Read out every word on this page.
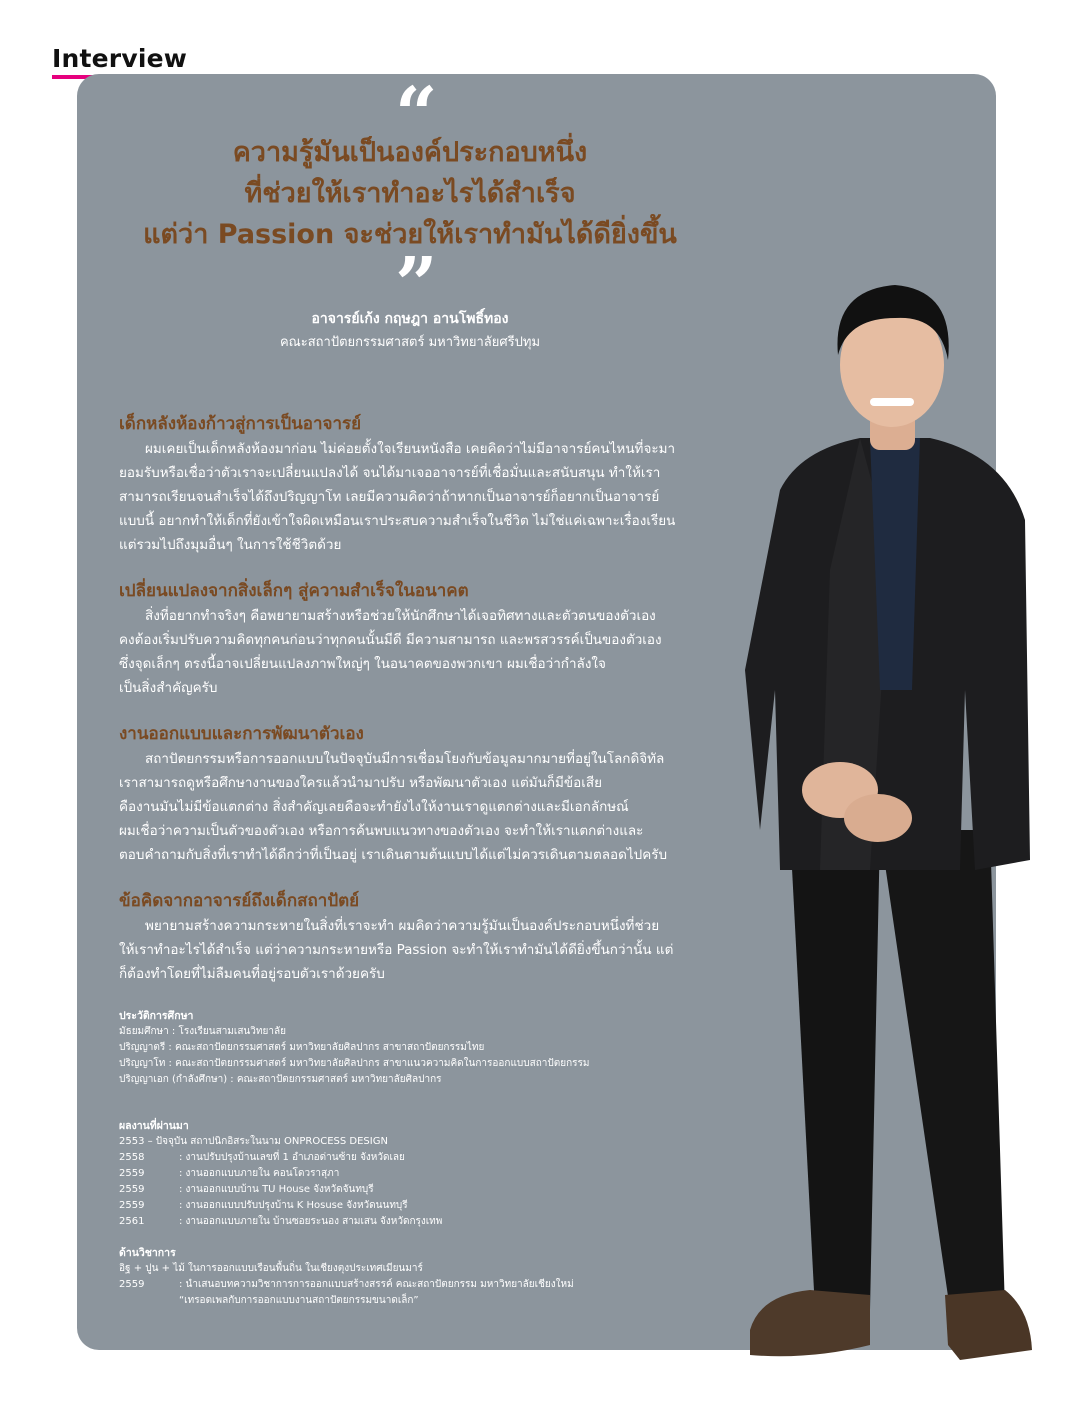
Interview
“
ความรู้มันเป็นองค์ประกอบหนึ่ง
ที่ช่วยให้เราทำอะไรได้สำเร็จ
แต่ว่า Passion จะช่วยให้เราทำมันได้ดียิ่งขึ้น
”
อาจารย์เก้ง กฤษฎา อานโพธิ์ทอง
คณะสถาปัตยกรรมศาสตร์ มหาวิทยาลัยศรีปทุม
เด็กหลังห้องก้าวสู่การเป็นอาจารย์
ผมเคยเป็นเด็กหลังห้องมาก่อน ไม่ค่อยตั้งใจเรียนหนังสือ เคยคิดว่าไม่มีอาจารย์คนไหนที่จะมา
ยอมรับหรือเชื่อว่าตัวเราจะเปลี่ยนแปลงได้ จนได้มาเจออาจารย์ที่เชื่อมั่นและสนับสนุน ทำให้เรา
สามารถเรียนจนสำเร็จได้ถึงปริญญาโท เลยมีความคิดว่าถ้าหากเป็นอาจารย์ก็อยากเป็นอาจารย์
แบบนี้ อยากทำให้เด็กที่ยังเข้าใจผิดเหมือนเราประสบความสำเร็จในชีวิต ไม่ใช่แค่เฉพาะเรื่องเรียน
แต่รวมไปถึงมุมอื่นๆ ในการใช้ชีวิตด้วย
เปลี่ยนแปลงจากสิ่งเล็กๆ สู่ความสำเร็จในอนาคต
สิ่งที่อยากทำจริงๆ คือพยายามสร้างหรือช่วยให้นักศึกษาได้เจอทิศทางและตัวตนของตัวเอง
คงต้องเริ่มปรับความคิดทุกคนก่อนว่าทุกคนนั้นมีดี มีความสามารถ และพรสวรรค์เป็นของตัวเอง
ซึ่งจุดเล็กๆ ตรงนี้อาจเปลี่ยนแปลงภาพใหญ่ๆ ในอนาคตของพวกเขา ผมเชื่อว่ากำลังใจ
เป็นสิ่งสำคัญครับ
งานออกแบบและการพัฒนาตัวเอง
สถาปัตยกรรมหรือการออกแบบในปัจจุบันมีการเชื่อมโยงกับข้อมูลมากมายที่อยู่ในโลกดิจิทัล
เราสามารถดูหรือศึกษางานของใครแล้วนำมาปรับ หรือพัฒนาตัวเอง แต่มันก็มีข้อเสีย
คืองานมันไม่มีข้อแตกต่าง สิ่งสำคัญเลยคือจะทำยังไงให้งานเราดูแตกต่างและมีเอกลักษณ์
ผมเชื่อว่าความเป็นตัวของตัวเอง หรือการค้นพบแนวทางของตัวเอง จะทำให้เราแตกต่างและ
ตอบคำถามกับสิ่งที่เราทำได้ดีกว่าที่เป็นอยู่ เราเดินตามต้นแบบได้แต่ไม่ควรเดินตามตลอดไปครับ
ข้อคิดจากอาจารย์ถึงเด็กสถาปัตย์
พยายามสร้างความกระหายในสิ่งที่เราจะทำ ผมคิดว่าความรู้มันเป็นองค์ประกอบหนึ่งที่ช่วย
ให้เราทำอะไรได้สำเร็จ แต่ว่าความกระหายหรือ Passion จะทำให้เราทำมันได้ดียิ่งขึ้นกว่านั้น แต่
ก็ต้องทำโดยที่ไม่ลืมคนที่อยู่รอบตัวเราด้วยครับ
ประวัติการศึกษา
มัธยมศึกษา : โรงเรียนสามเสนวิทยาลัย
ปริญญาตรี : คณะสถาปัตยกรรมศาสตร์ มหาวิทยาลัยศิลปากร สาขาสถาปัตยกรรมไทย
ปริญญาโท : คณะสถาปัตยกรรมศาสตร์ มหาวิทยาลัยศิลปากร สาขาแนวความคิดในการออกแบบสถาปัตยกรรม
ปริญญาเอก (กำลังศึกษา) : คณะสถาปัตยกรรมศาสตร์ มหาวิทยาลัยศิลปากร
ผลงานที่ผ่านมา
2553 – ปัจจุบัน สถาปนิกอิสระในนาม ONPROCESS DESIGN
2558	: งานปรับปรุงบ้านเลขที่ 1 อำเภอด่านซ้าย จังหวัดเลย
2559	: งานออกแบบภายใน คอนโดวราสุภา
2559	: งานออกแบบบ้าน TU House จังหวัดจันทบุรี
2559	: งานออกแบบปรับปรุงบ้าน K Hosuse จังหวัดนนทบุรี
2561	: งานออกแบบภายใน บ้านซอยระนอง สามเสน จังหวัดกรุงเทพ
ด้านวิชาการ
อิฐ + ปูน + ไม้ ในการออกแบบเรือนพื้นถิ่น ในเชียงตุงประเทศเมียนมาร์
2559	: นำเสนอบทความวิชาการการออกแบบสร้างสรรค์ คณะสถาปัตยกรรม มหาวิทยาลัยเชียงใหม่
“เทรอดเพลกับการออกแบบงานสถาปัตยกรรมขนาดเล็ก”
